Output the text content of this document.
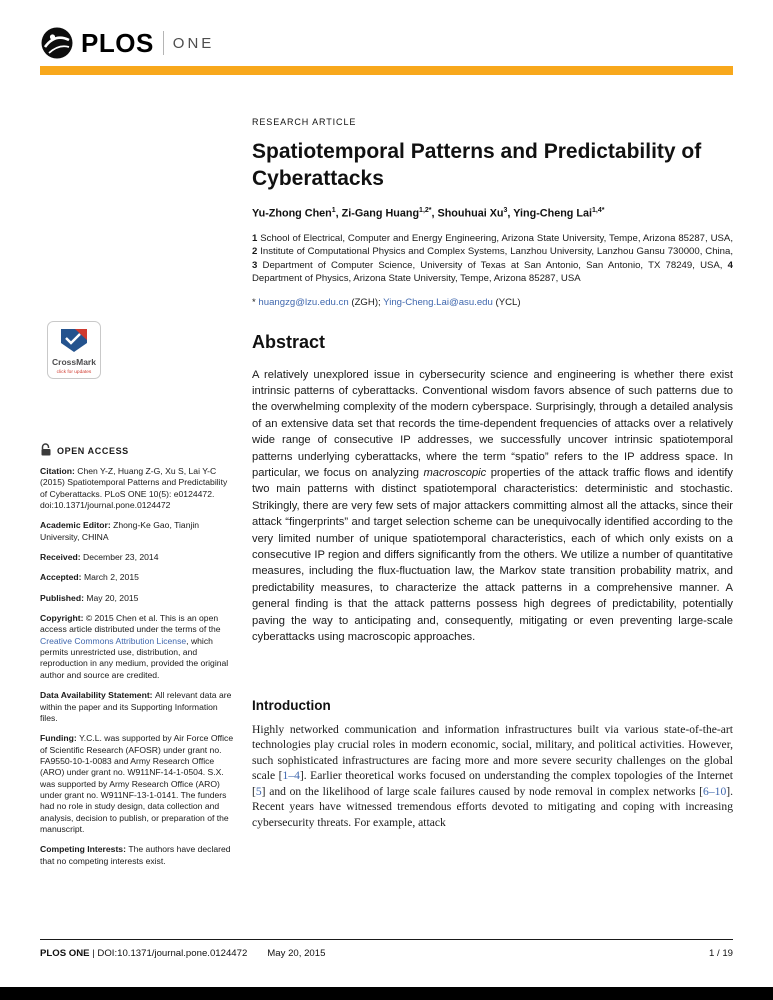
PLOS ONE
CrossMark
click for updates
OPEN ACCESS

Citation: Chen Y-Z, Huang Z-G, Xu S, Lai Y-C (2015) Spatiotemporal Patterns and Predictability of Cyberattacks. PLoS ONE 10(5): e0124472. doi:10.1371/journal.pone.0124472

Academic Editor: Zhong-Ke Gao, Tianjin University, CHINA

Received: December 23, 2014

Accepted: March 2, 2015

Published: May 20, 2015

Copyright: © 2015 Chen et al. This is an open access article distributed under the terms of the Creative Commons Attribution License, which permits unrestricted use, distribution, and reproduction in any medium, provided the original author and source are credited.

Data Availability Statement: All relevant data are within the paper and its Supporting Information files.

Funding: Y.C.L. was supported by Air Force Office of Scientific Research (AFOSR) under grant no. FA9550-10-1-0083 and Army Research Office (ARO) under grant no. W911NF-14-1-0504. S.X. was supported by Army Research Office (ARO) under grant no. W911NF-13-1-0141. The funders had no role in study design, data collection and analysis, decision to publish, or preparation of the manuscript.

Competing Interests: The authors have declared that no competing interests exist.

RESEARCH ARTICLE

Spatiotemporal Patterns and Predictability of Cyberattacks

Yu-Zhong Chen$^1$, Zi-Gang Huang$^{1,2*}$, Shouhuai Xu$^3$, Ying-Cheng Lai$^{1,4*}$

1 School of Electrical, Computer and Energy Engineering, Arizona State University, Tempe, Arizona 85287, USA, 2 Institute of Computational Physics and Complex Systems, Lanzhou University, Lanzhou Gansu 730000, China, 3 Department of Computer Science, University of Texas at San Antonio, San Antonio, TX 78249, USA, 4 Department of Physics, Arizona State University, Tempe, Arizona 85287, USA

* huangzg@lzu.edu.cn (ZGH); Ying-Cheng.Lai@asu.edu (YCL)

Abstract

A relatively unexplored issue in cybersecurity science and engineering is whether there exist intrinsic patterns of cyberattacks. Conventional wisdom favors absence of such patterns due to the overwhelming complexity of the modern cyberspace. Surprisingly, through a detailed analysis of an extensive data set that records the time-dependent frequencies of attacks over a relatively wide range of consecutive IP addresses, we successfully uncover intrinsic spatiotemporal patterns underlying cyberattacks, where the term “spatio” refers to the IP address space. In particular, we focus on analyzing macroscopic properties of the attack traffic flows and identify two main patterns with distinct spatiotemporal characteristics: deterministic and stochastic. Strikingly, there are very few sets of major attackers committing almost all the attacks, since their attack “fingerprints” and target selection scheme can be unequivocally identified according to the very limited number of unique spatiotemporal characteristics, each of which only exists on a consecutive IP region and differs significantly from the others. We utilize a number of quantitative measures, including the flux-fluctuation law, the Markov state transition probability matrix, and predictability measures, to characterize the attack patterns in a comprehensive manner. A general finding is that the attack patterns possess high degrees of predictability, potentially paving the way to anticipating and, consequently, mitigating or even preventing large-scale cyberattacks using macroscopic approaches.

Introduction

Highly networked communication and information infrastructures built via various state-of-the-art technologies play crucial roles in modern economic, social, military, and political activities. However, such sophisticated infrastructures are facing more and more severe security challenges on the global scale [1–4]. Earlier theoretical works focused on understanding the complex topologies of the Internet [5] and on the likelihood of large scale failures caused by node removal in complex networks [6–10]. Recent years have witnessed tremendous efforts devoted to mitigating and coping with increasing cybersecurity threats. For example, attack

PLOS ONE | DOI:10.1371/journal.pone.0124472 May 20, 2015	1 / 19
